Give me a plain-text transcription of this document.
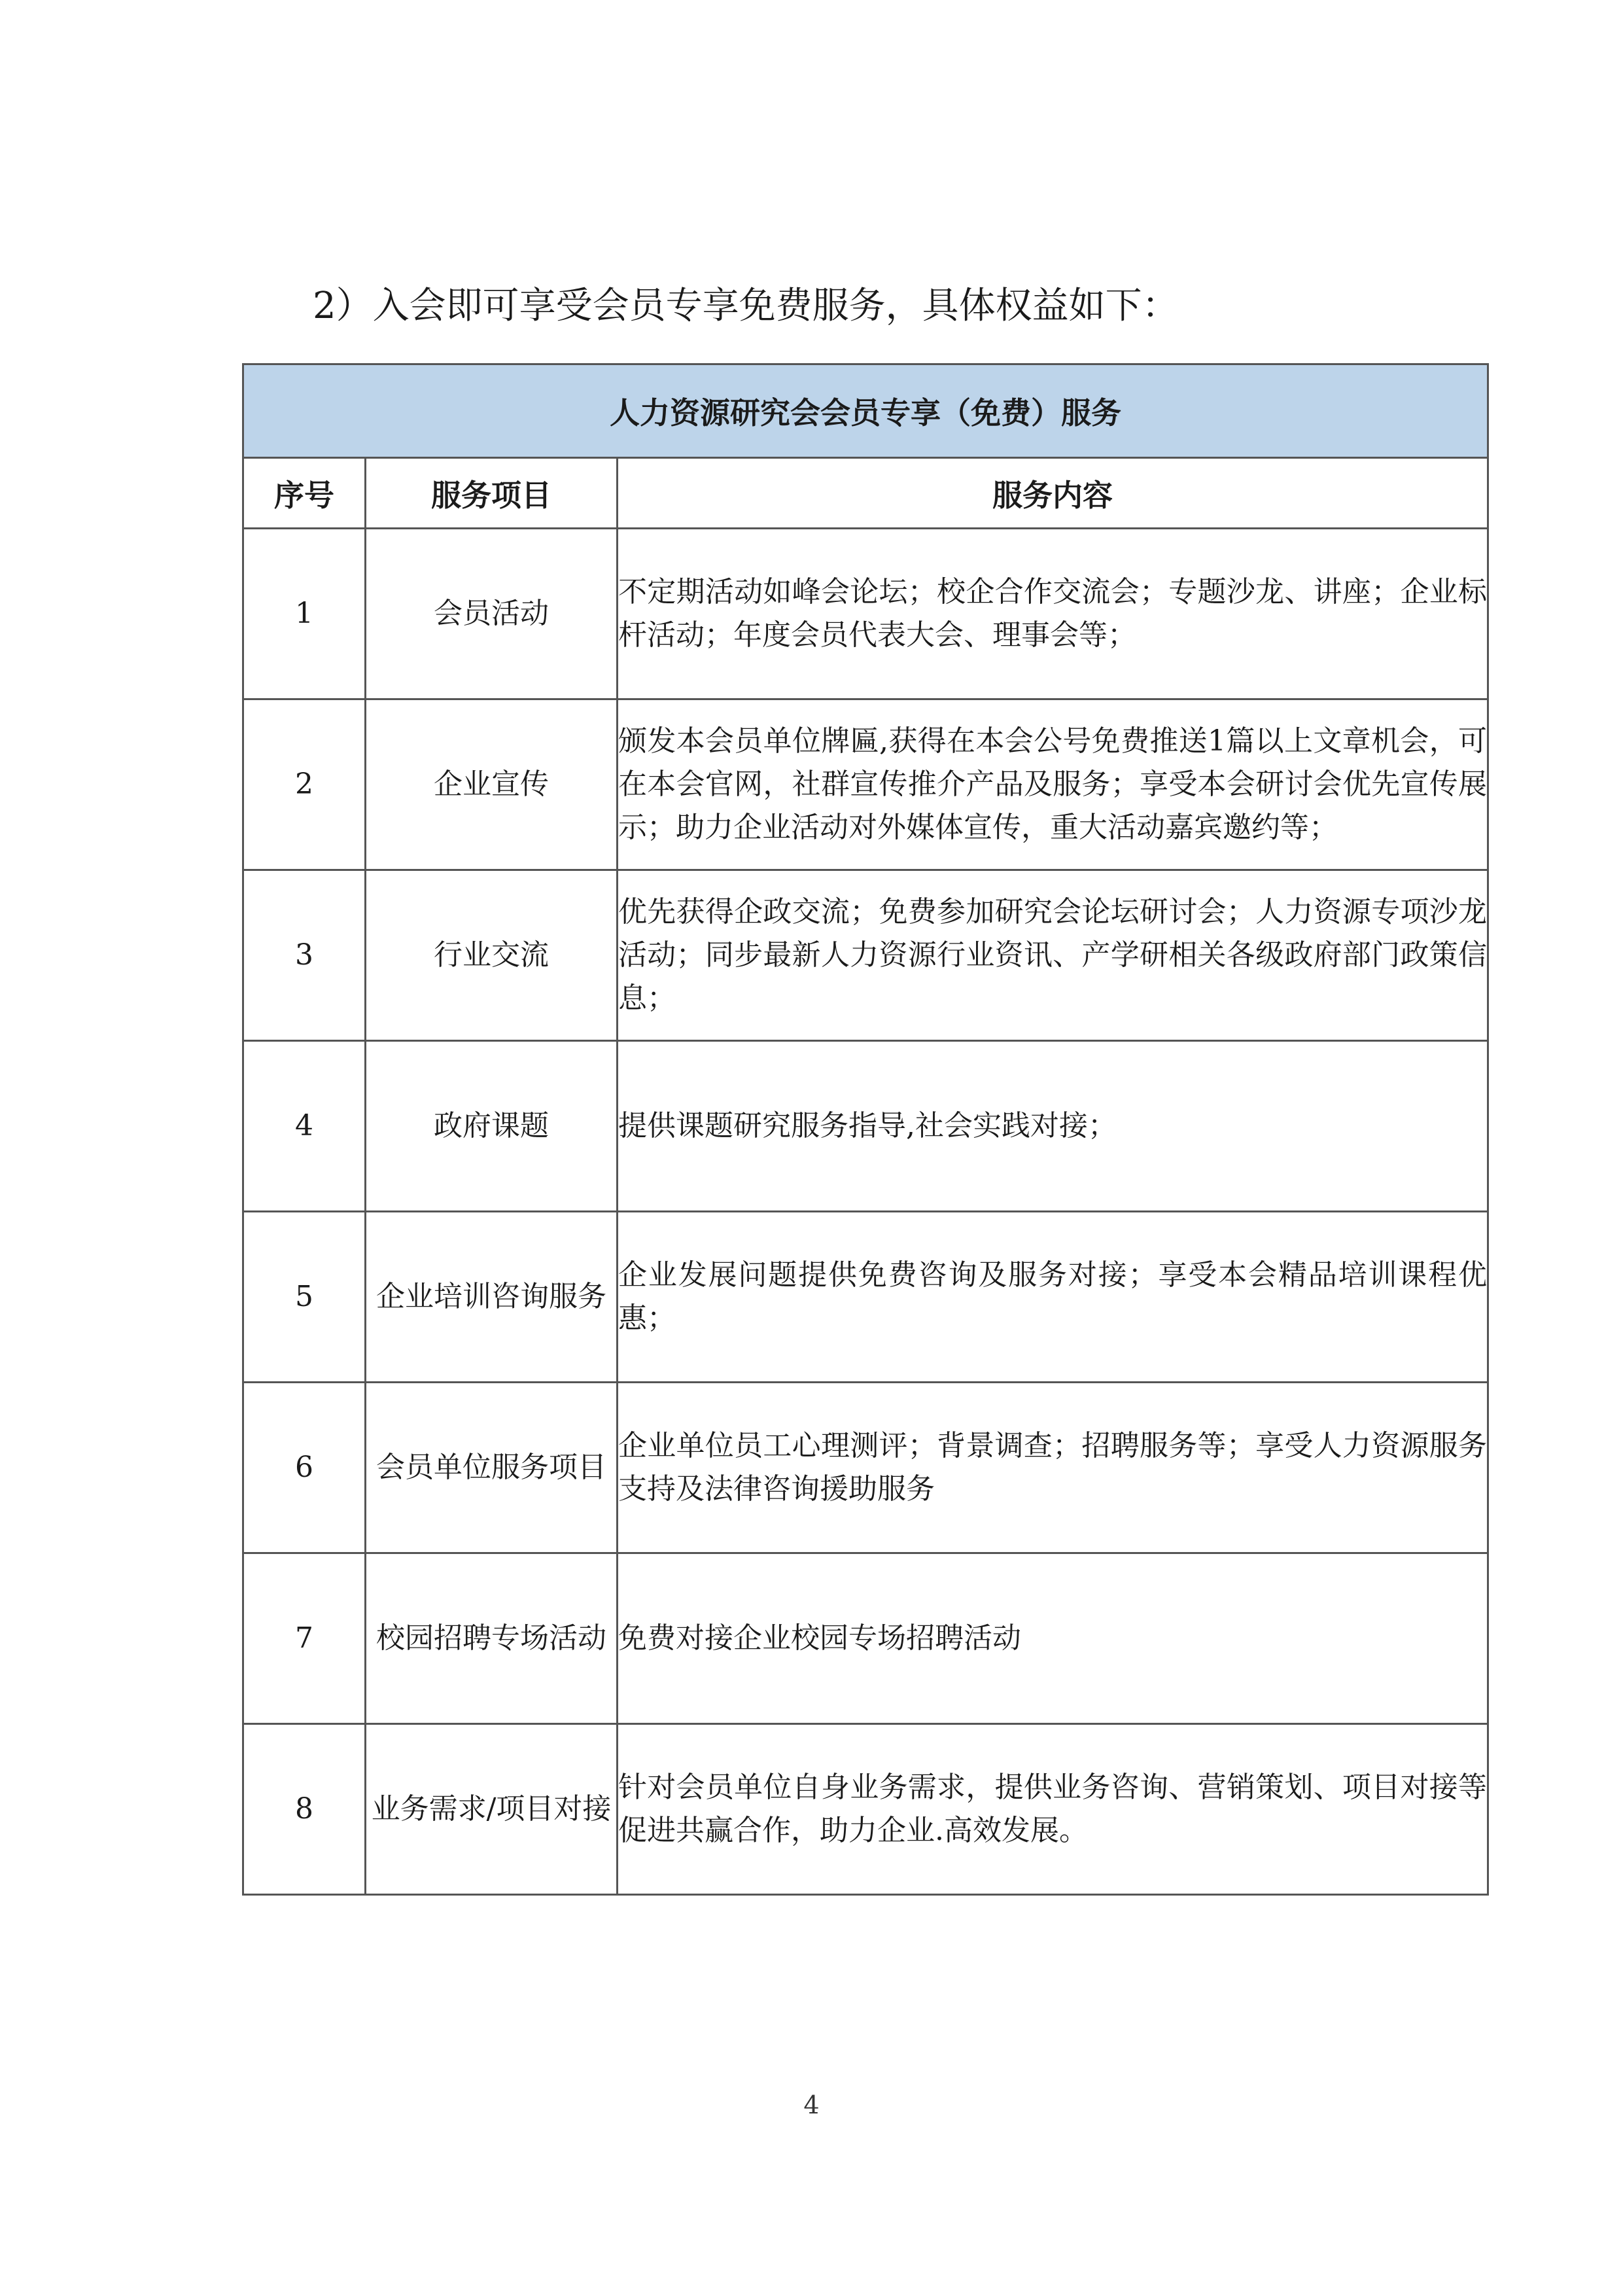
2）入会即可享受会员专享免费服务，具体权益如下：
人力资源研究会会员专享（免费）服务		
序号	服务项目	服务内容
1	会员活动	不定期活动如峰会论坛；校企合作交流会；专题沙龙、讲座；企业标杆活动；年度会员代表大会、理事会等；
2	企业宣传	颁发本会员单位牌匾,获得在本会公号免费推送1篇以上文章机会，可在本会官网，社群宣传推介产品及服务；享受本会研讨会优先宣传展示；助力企业活动对外媒体宣传，重大活动嘉宾邀约等；
3	行业交流	优先获得企政交流；免费参加研究会论坛研讨会；人力资源专项沙龙活动；同步最新人力资源行业资讯、产学研相关各级政府部门政策信息；
4	政府课题	提供课题研究服务指导,社会实践对接；
5	企业培训咨询服务	企业发展问题提供免费咨询及服务对接；享受本会精品培训课程优惠；
6	会员单位服务项目	企业单位员工心理测评；背景调查；招聘服务等；享受人力资源服务支持及法律咨询援助服务
7	校园招聘专场活动	免费对接企业校园专场招聘活动
8	业务需求/项目对接	针对会员单位自身业务需求，提供业务咨询、营销策划、项目对接等促进共赢合作，助力企业.高效发展。
4
